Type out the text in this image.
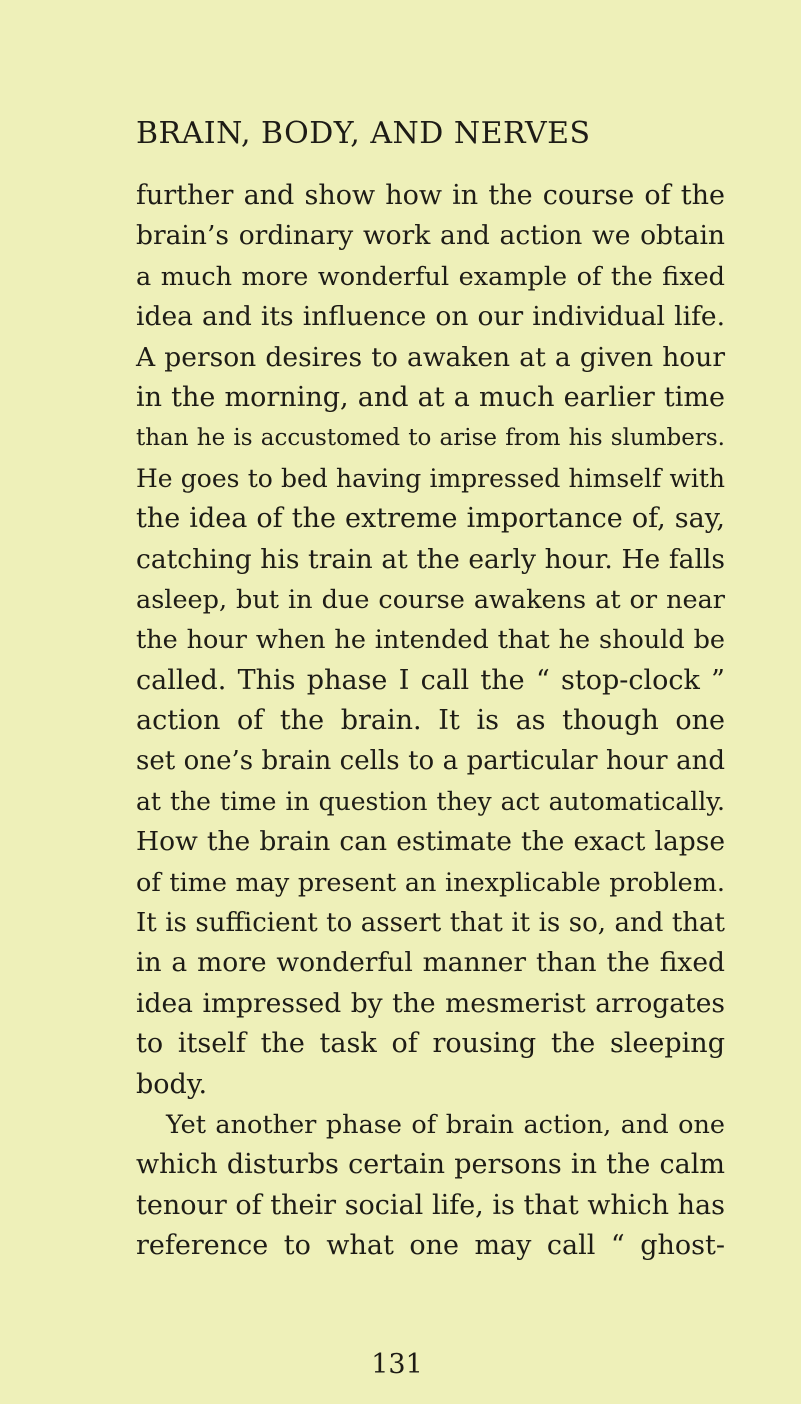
BRAIN, BODY, AND NERVES
further and show how in the course of the
brain’s ordinary work and action we obtain
a much more wonderful example of the fixed
idea and its influence on our individual life.
A person desires to awaken at a given hour
in the morning, and at a much earlier time
than he is accustomed to arise from his slumbers.
He goes to bed having impressed himself with
the idea of the extreme importance of, say,
catching his train at the early hour. He falls
asleep, but in due course awakens at or near
the hour when he intended that he should be
called. This phase I call the “ stop-clock ”
action of the brain. It is as though one
set one’s brain cells to a particular hour and
at the time in question they act automatically.
How the brain can estimate the exact lapse
of time may present an inexplicable problem.
It is sufficient to assert that it is so, and that
in a more wonderful manner than the fixed
idea impressed by the mesmerist arrogates
to itself the task of rousing the sleeping
body.
Yet another phase of brain action, and one
which disturbs certain persons in the calm
tenour of their social life, is that which has
reference to what one may call “ ghost-
131
